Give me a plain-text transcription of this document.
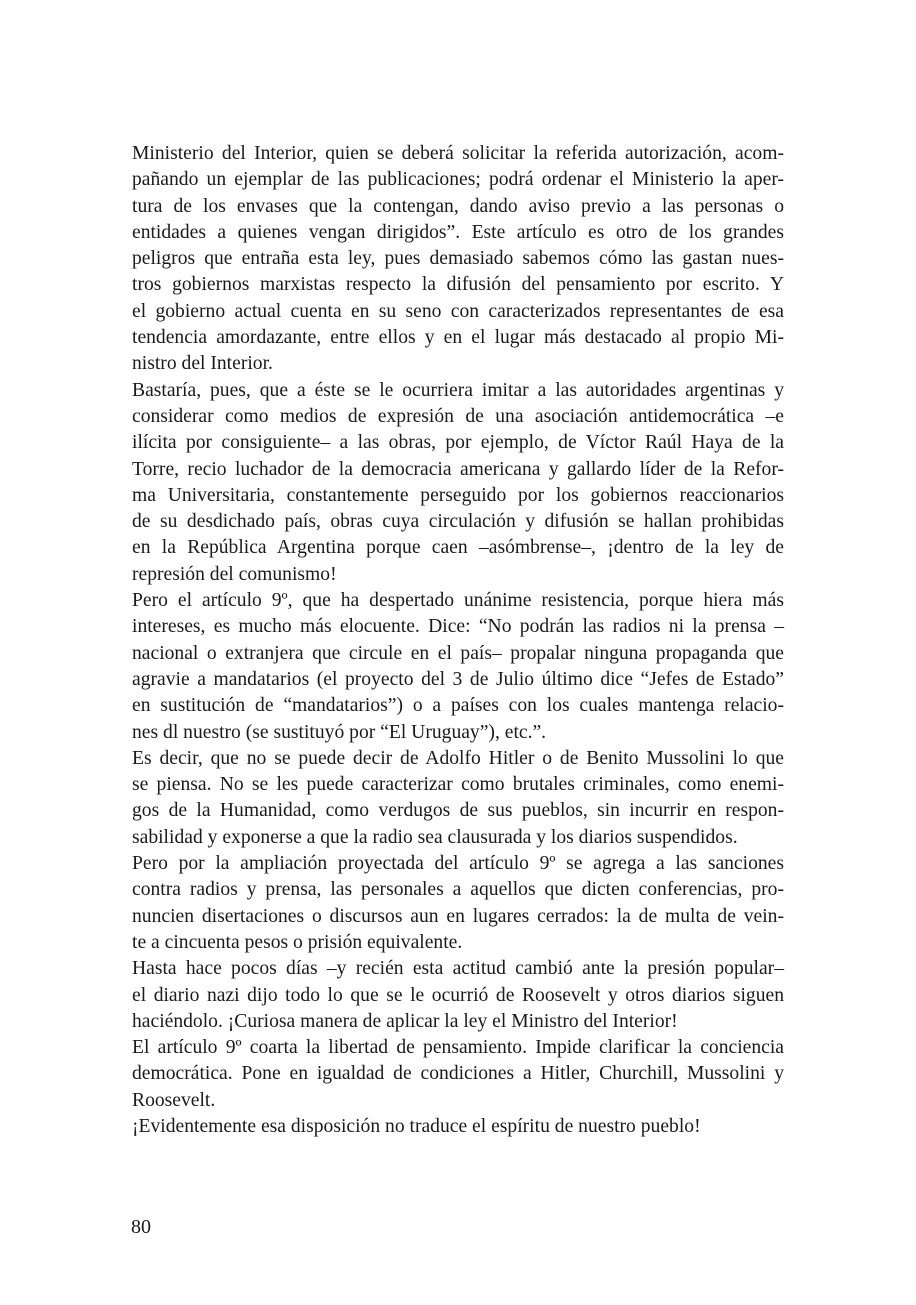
Ministerio del Interior, quien se deberá solicitar la referida autorización, acom-
pañando un ejemplar de las publicaciones; podrá ordenar el Ministerio la aper-
tura de los envases que la contengan, dando aviso previo a las personas o
entidades a quienes vengan dirigidos”. Este artículo es otro de los grandes
peligros que entraña esta ley, pues demasiado sabemos cómo las gastan nues-
tros gobiernos marxistas respecto la difusión del pensamiento por escrito. Y
el gobierno actual cuenta en su seno con caracterizados representantes de esa
tendencia amordazante, entre ellos y en el lugar más destacado al propio Mi-
nistro del Interior.

Bastaría, pues, que a éste se le ocurriera imitar a las autoridades argentinas y
considerar como medios de expresión de una asociación antidemocrática –e
ilícita por consiguiente– a las obras, por ejemplo, de Víctor Raúl Haya de la
Torre, recio luchador de la democracia americana y gallardo líder de la Refor-
ma Universitaria, constantemente perseguido por los gobiernos reaccionarios
de su desdichado país, obras cuya circulación y difusión se hallan prohibidas
en la República Argentina porque caen –asómbrense–, ¡dentro de la ley de
represión del comunismo!

Pero el artículo 9º, que ha despertado unánime resistencia, porque hiera más
intereses, es mucho más elocuente. Dice: “No podrán las radios ni la prensa –
nacional o extranjera que circule en el país– propalar ninguna propaganda que
agravie a mandatarios (el proyecto del 3 de Julio último dice “Jefes de Estado”
en sustitución de “mandatarios”) o a países con los cuales mantenga relacio-
nes dl nuestro (se sustituyó por “El Uruguay”), etc.”.

Es decir, que no se puede decir de Adolfo Hitler o de Benito Mussolini lo que
se piensa. No se les puede caracterizar como brutales criminales, como enemi-
gos de la Humanidad, como verdugos de sus pueblos, sin incurrir en respon-
sabilidad y exponerse a que la radio sea clausurada y los diarios suspendidos.

Pero por la ampliación proyectada del artículo 9º se agrega a las sanciones
contra radios y prensa, las personales a aquellos que dicten conferencias, pro-
nuncien disertaciones o discursos aun en lugares cerrados: la de multa de vein-
te a cincuenta pesos o prisión equivalente.

Hasta hace pocos días –y recién esta actitud cambió ante la presión popular–
el diario nazi dijo todo lo que se le ocurrió de Roosevelt y otros diarios siguen
haciéndolo. ¡Curiosa manera de aplicar la ley el Ministro del Interior!

El artículo 9º coarta la libertad de pensamiento. Impide clarificar la conciencia
democrática. Pone en igualdad de condiciones a Hitler, Churchill, Mussolini y
Roosevelt.

¡Evidentemente esa disposición no traduce el espíritu de nuestro pueblo!

80
